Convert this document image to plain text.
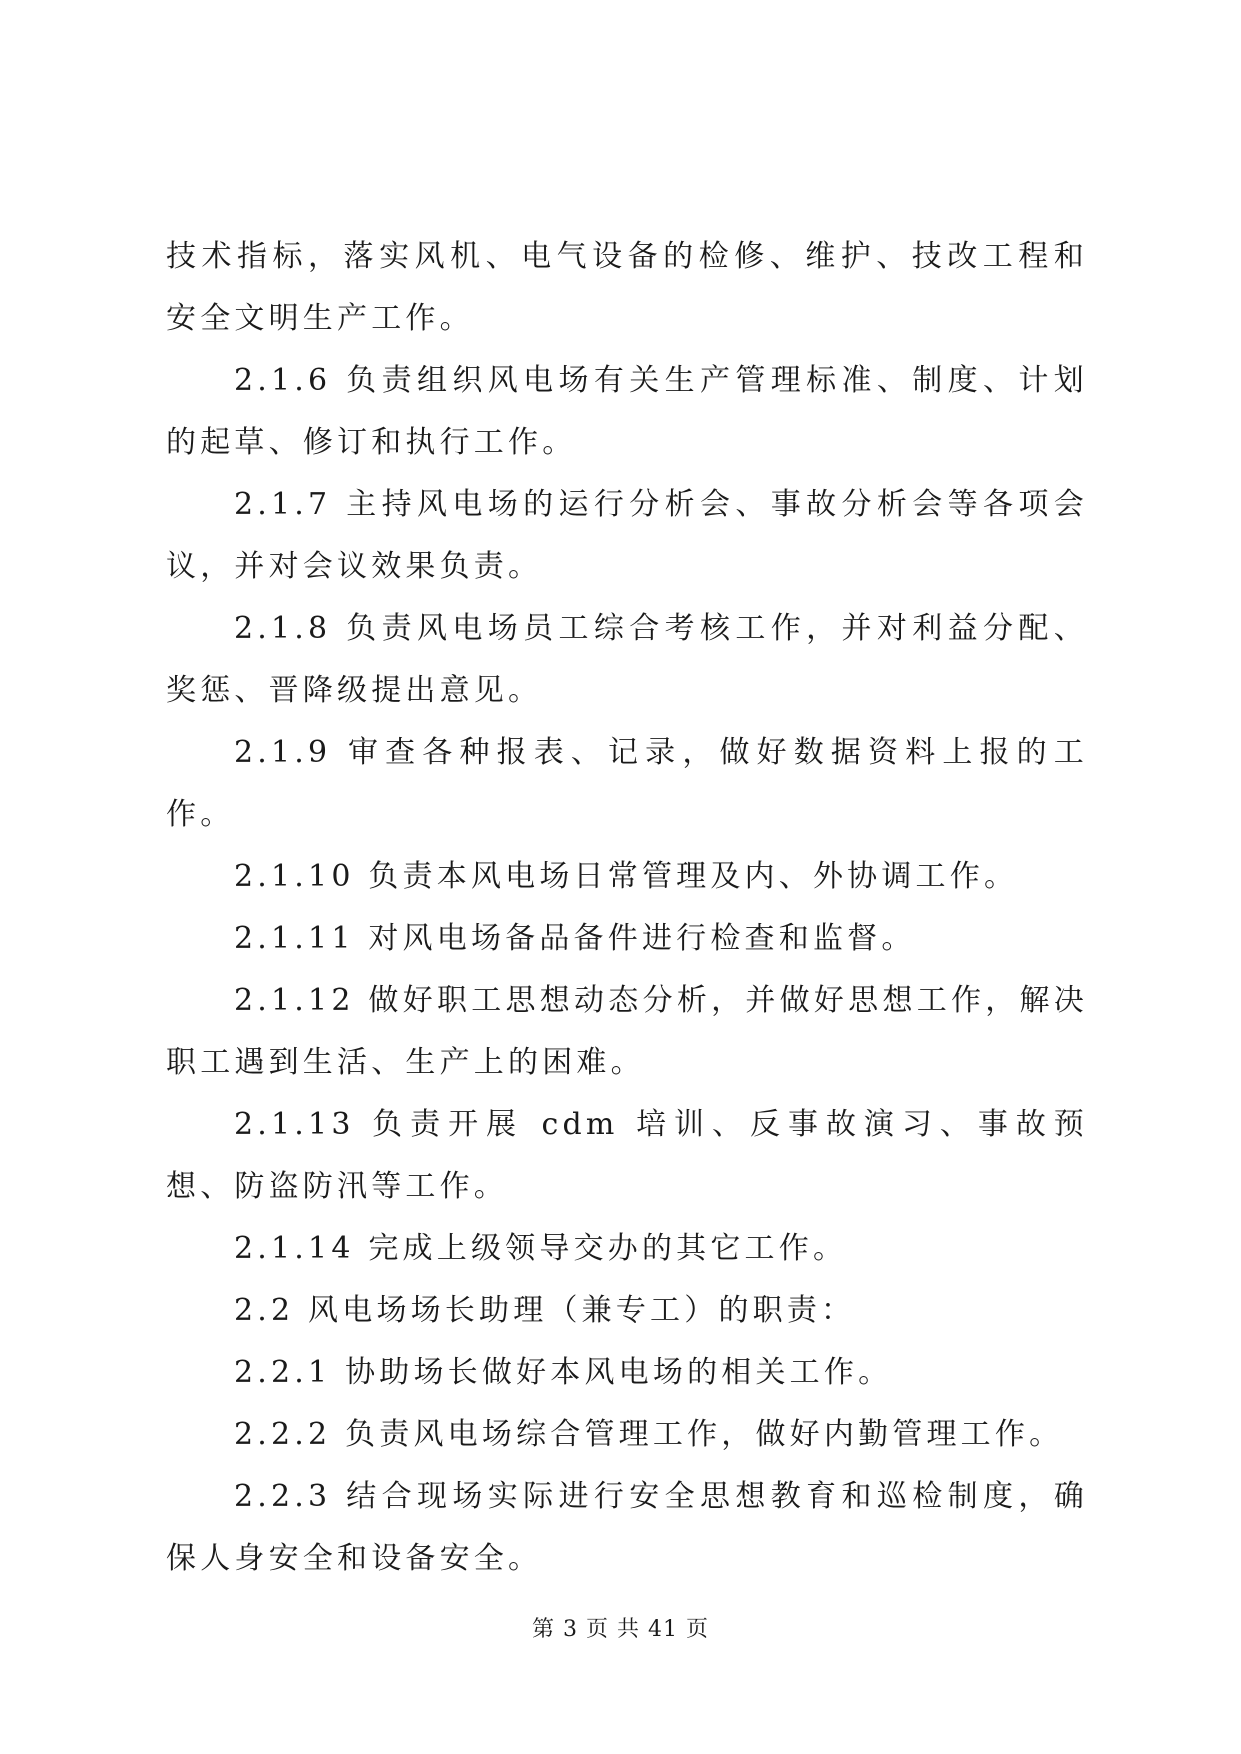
技术指标，落实风机、电气设备的检修、维护、技改工程和安全文明生产工作。

2.1.6 负责组织风电场有关生产管理标准、制度、计划的起草、修订和执行工作。

2.1.7 主持风电场的运行分析会、事故分析会等各项会议，并对会议效果负责。

2.1.8 负责风电场员工综合考核工作，并对利益分配、奖惩、晋降级提出意见。

2.1.9 审查各种报表、记录，做好数据资料上报的工作。

2.1.10 负责本风电场日常管理及内、外协调工作。

2.1.11 对风电场备品备件进行检查和监督。

2.1.12 做好职工思想动态分析，并做好思想工作，解决职工遇到生活、生产上的困难。

2.1.13 负责开展 cdm 培训、反事故演习、事故预想、防盗防汛等工作。

2.1.14 完成上级领导交办的其它工作。

2.2 风电场场长助理（兼专工）的职责：

2.2.1 协助场长做好本风电场的相关工作。

2.2.2 负责风电场综合管理工作，做好内勤管理工作。

2.2.3 结合现场实际进行安全思想教育和巡检制度，确保人身安全和设备安全。

第 3 页 共 41 页
